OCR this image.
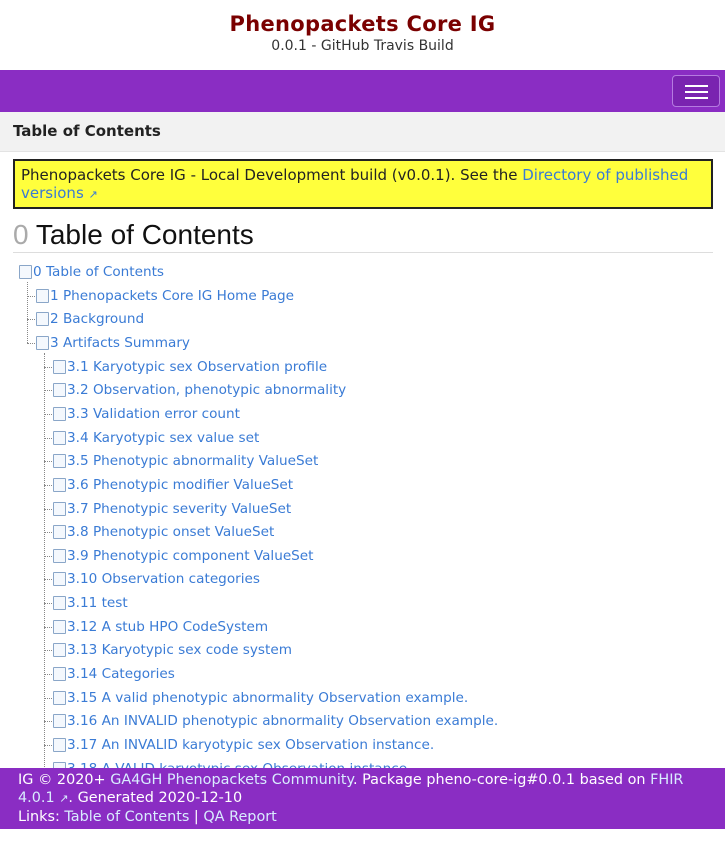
Phenopackets Core IG
0.0.1 - GitHub Travis Build
Table of Contents
Phenopackets Core IG - Local Development build (v0.0.1). See the Directory of published versions ↗
0 Table of Contents
0 Table of Contents
1 Phenopackets Core IG Home Page
2 Background
3 Artifacts Summary
3.1 Karyotypic sex Observation profile
3.2 Observation, phenotypic abnormality
3.3 Validation error count
3.4 Karyotypic sex value set
3.5 Phenotypic abnormality ValueSet
3.6 Phenotypic modifier ValueSet
3.7 Phenotypic severity ValueSet
3.8 Phenotypic onset ValueSet
3.9 Phenotypic component ValueSet
3.10 Observation categories
3.11 test
3.12 A stub HPO CodeSystem
3.13 Karyotypic sex code system
3.14 Categories
3.15 A valid phenotypic abnormality Observation example.
3.16 An INVALID phenotypic abnormality Observation example.
3.17 An INVALID karyotypic sex Observation instance.
IG © 2020+ GA4GH Phenopackets Community. Package pheno-core-ig#0.0.1 based on FHIR 4.0.1 ↗. Generated 2020-12-10
Links: Table of Contents | QA Report
